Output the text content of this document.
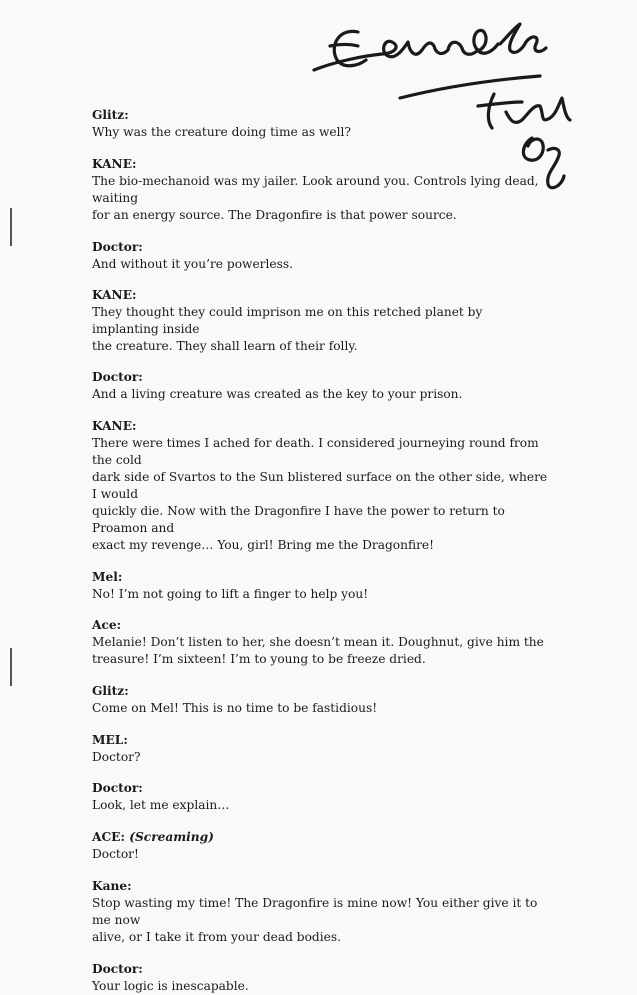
Glitz:
Why was the creature doing time as well?
KANE:
The bio-mechanoid was my jailer. Look around you. Controls lying dead, waiting
for an energy source. The Dragonfire is that power source.
Doctor:
And without it you’re powerless.
KANE:
They thought they could imprison me on this retched planet by implanting inside
the creature. They shall learn of their folly.
Doctor:
And a living creature was created as the key to your prison.
KANE:
There were times I ached for death. I considered journeying round from the cold
dark side of Svartos to the Sun blistered surface on the other side, where I would
quickly die. Now with the Dragonfire I have the power to return to Proamon and
exact my revenge… You, girl! Bring me the Dragonfire!
Mel:
No! I’m not going to lift a finger to help you!
Ace:
Melanie! Don’t listen to her, she doesn’t mean it. Doughnut, give him the
treasure! I’m sixteen! I’m to young to be freeze dried.
Glitz:
Come on Mel! This is no time to be fastidious!
MEL:
Doctor?
Doctor:
Look, let me explain…
ACE: (Screaming)
Doctor!
Kane:
Stop wasting my time! The Dragonfire is mine now! You either give it to me now
alive, or I take it from your dead bodies.
Doctor:
Your logic is inescapable.
